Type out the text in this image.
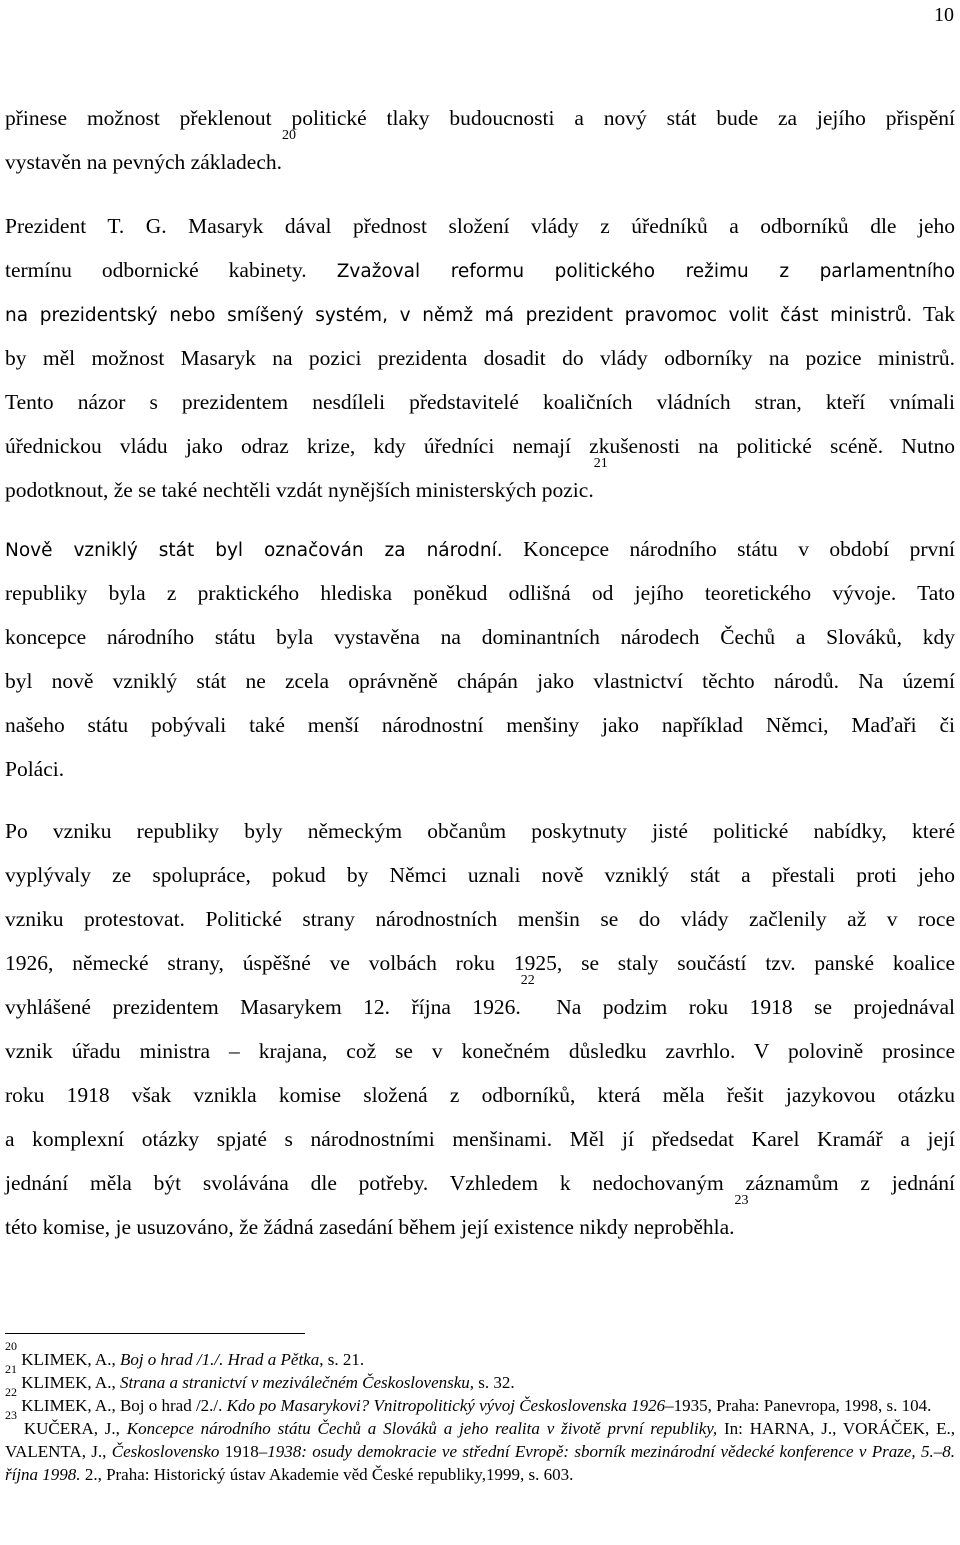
10
přinese možnost překlenout politické tlaky budoucnosti a nový stát bude za jejího přispění
vystavěn na pevných základech.$^{20}$
Prezident T. G. Masaryk dával přednost složení vlády z úředníků a odborníků dle jeho
termínu odbornické kabinety. Zvažoval reformu politického režimu z parlamentního
na prezidentský nebo smíšený systém, v němž má prezident pravomoc volit část ministrů. Tak
by měl možnost Masaryk na pozici prezidenta dosadit do vlády odborníky na pozice ministrů.
Tento názor s prezidentem nesdíleli představitelé koaličních vládních stran, kteří vnímali
úřednickou vládu jako odraz krize, kdy úředníci nemají zkušenosti na politické scéně. Nutno
podotknout, že se také nechtěli vzdát nynějších ministerských pozic.$^{21}$
Nově vzniklý stát byl označován za národní. Koncepce národního státu v období první
republiky byla z praktického hlediska poněkud odlišná od jejího teoretického vývoje. Tato
koncepce národního státu byla vystavěna na dominantních národech Čechů a Slováků, kdy
byl nově vzniklý stát ne zcela oprávněně chápán jako vlastnictví těchto národů. Na území
našeho státu pobývali také menší národnostní menšiny jako například Němci, Maďaři či
Poláci.
Po vzniku republiky byly německým občanům poskytnuty jisté politické nabídky, které
vyplývaly ze spolupráce, pokud by Němci uznali nově vzniklý stát a přestali proti jeho
vzniku protestovat. Politické strany národnostních menšin se do vlády začlenily až v roce
1926, německé strany, úspěšné ve volbách roku 1925, se staly součástí tzv. panské koalice
vyhlášené prezidentem Masarykem 12. října 1926.22 Na podzim roku 1918 se projednával
vznik úřadu ministra – krajana, což se v konečném důsledku zavrhlo. V polovině prosince
roku 1918 však vznikla komise složená z odborníků, která měla řešit jazykovou otázku
a komplexní otázky spjaté s národnostními menšinami. Měl jí předsedat Karel Kramář a její
jednání měla být svolávána dle potřeby. Vzhledem k nedochovaným záznamům z jednání
této komise, je usuzováno, že žádná zasedání během její existence nikdy neproběhla.$^{23}$

$^{20}$ KLIMEK, A., Boj o hrad /1./. Hrad a Pětka, s. 21.

$^{21}$ KLIMEK, A., Strana a stranictví v meziválečném Československu, s. 32.

$^{22}$ KLIMEK, A., Boj o hrad /2./. Kdo po Masarykovi? Vnitropolitický vývoj Československa 1926–1935, Praha: Panevropa, 1998, s. 104.

$^{23}$ KUČERA, J., Koncepce národního státu Čechů a Slováků a jeho realita v životě první republiky, In: HARNA, J., VORÁČEK, E., VALENTA, J., Československo 1918–1938: osudy demokracie ve střední Evropě: sborník mezinárodní vědecké konference v Praze, 5.–8. října 1998. 2., Praha: Historický ústav Akademie věd České republiky,1999, s. 603.
